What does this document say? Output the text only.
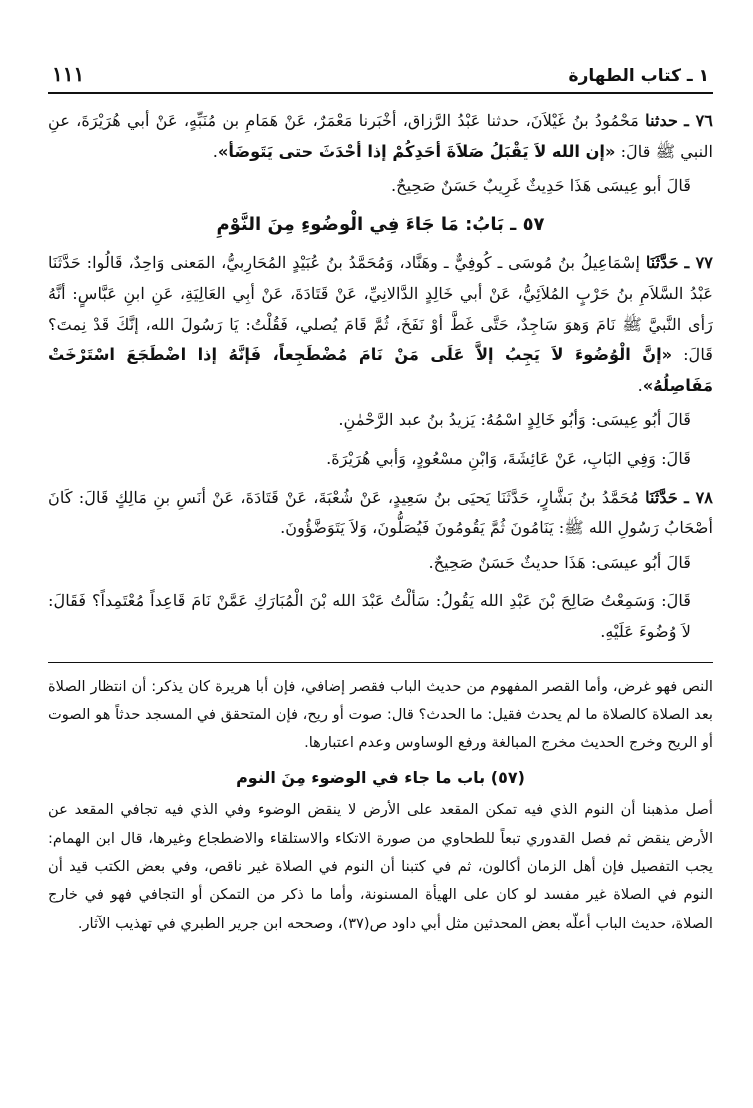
١ ـ كتاب الطهارة
١١١

٧٦ ـ حدثنا مَحْمُودُ بنُ غَيْلاَنَ، حدثنا عَبْدُ الرَّزاق، أخْبَرنا مَعْمَرٌ، عَنْ هَمَامِ بن مُنَبِّهٍ، عَنْ أبي هُرَيْرَةَ، عنِ النبي ﷺ قالَ: «إن الله لاَ يَقْبَلُ صَلاَةَ أحَدِكُمْ إذا أحْدَثَ حتى يَتَوضَأ».

قَالَ أبو عِيسَى هَذَا حَدِيثٌ غَرِيبٌ حَسَنٌ صَحِيحٌ.

٥٧ ـ بَابُ: مَا جَاءَ فِي الْوضُوءِ مِنَ النَّوْمِ

٧٧ ـ حَدَّثَنَا إسْمَاعِيلُ بنُ مُوسَى ـ كُوفِيٌّ ـ وهَنَّاد، وَمُحَمَّدُ بنُ عُبَيْدٍ المُحَارِبيُّ، المَعنى وَاحِدٌ، قَالُوا: حَدَّثَنَا عَبْدُ السَّلاَمِ بنُ حَرْبٍ المُلاَئِيُّ، عَنْ أبي خَالِدٍ الدَّالانِيِّ، عَنْ قَتَادَةَ، عَنْ أبِي العَالِيَةِ، عَنِ ابنِ عَبَّاسٍ: أنَّهُ رَأى النَّبيَّ ﷺ نَامَ وَهوَ سَاجِدٌ، حَتَّى غَطَّ أوْ نَفَخَ، ثُمَّ قَامَ يُصلي، فَقُلْتُ: يَا رَسُولَ الله، إنَّكَ قَدْ نِمتَ؟ قَالَ: «إنَّ الْوُضُوءَ لاَ يَجِبُ إلاَّ عَلَى مَنْ نَامَ مُضْطَجِعاً، فَإنَّهُ إذا اضْطَجَعَ اسْتَرْخَتْ مَفَاصِلُهُ».

قَالَ أبُو عِيسَى: وَأبُو خَالِدٍ اسْمُهُ: يَزيدُ بنُ عبد الرَّحْمٰنِ.

قَالَ: وَفِي البَابِ، عَنْ عَائِشَةَ، وَابْنِ مسْعُودٍ، وَأبي هُرَيْرَةَ.

٧٨ ـ حَدَّثَنَا مُحَمَّدُ بنُ بَشَّارٍ، حَدَّثَنَا يَحيَى بنُ سَعِيدٍ، عَنْ شُعْبَةَ، عَنْ قَتَادَةَ، عَنْ أنَسِ بنِ مَالِكٍ قَالَ: كَانَ أصْحَابُ رَسُولِ الله ﷺ: يَنَامُونَ ثُمَّ يَقُومُونَ فَيُصَلُّونَ، وَلاَ يَتَوَضَّؤُونَ.

قَالَ أبُو عيسَى: هَذَا حديثٌ حَسَنٌ صَحِيحٌ.

قَالَ: وَسَمِعْتُ صَالِحَ بْنَ عَبْدِ الله يَقُولُ: سَألْتُ عَبْدَ الله بْنَ الْمُبَارَكِ عَمَّنْ نَامَ قَاعِداً مُعْتَمِداً؟ فَقَالَ: لاَ وُضُوءَ عَلَيْهِ.

النص فهو غرض، وأما القصر المفهوم من حديث الباب فقصر إضافي، فإن أبا هريرة كان يذكر: أن انتظار الصلاة بعد الصلاة كالصلاة ما لم يحدث فقيل: ما الحدث؟ قال: صوت أو ريح، فإن المتحقق في المسجد حدثاً هو الصوت أو الريح وخرج الحديث مخرج المبالغة ورفع الوساوس وعدم اعتبارها.

(٥٧) باب ما جاء في الوضوء مِنَ النوم

أصل مذهبنا أن النوم الذي فيه تمكن المقعد على الأرض لا ينقض الوضوء وفي الذي فيه تجافي المقعد عن الأرض ينقض ثم فصل القدوري تبعاً للطحاوي من صورة الاتكاء والاستلقاء والاضطجاع وغيرها، قال ابن الهمام: يجب التفصيل فإن أهل الزمان أكالون، ثم في كتبنا أن النوم في الصلاة غير ناقص، وفي بعض الكتب قيد أن النوم في الصلاة غير مفسد لو كان على الهيأة المسنونة، وأما ما ذكر من التمكن أو التجافي فهو في خارج الصلاة، حديث الباب أعلّه بعض المحدثين مثل أبي داود ص(٣٧)، وصححه ابن جرير الطبري في تهذيب الآثار.
